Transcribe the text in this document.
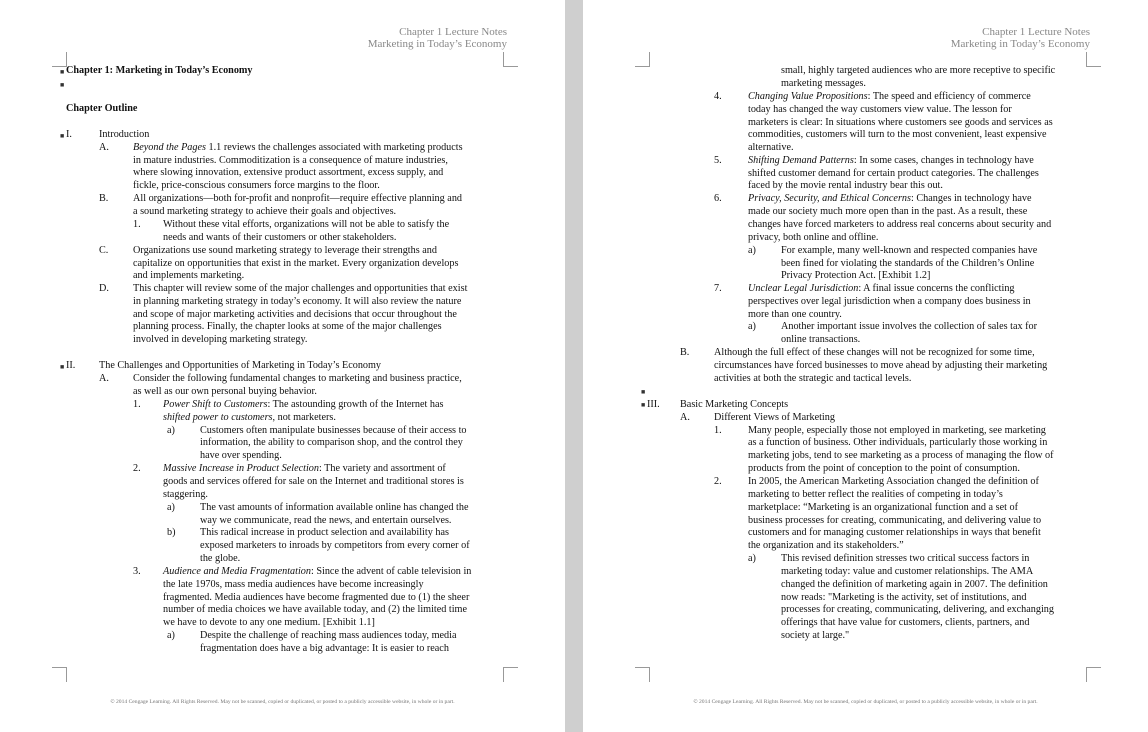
Chapter 1 Lecture Notes
Marketing in Today’s Economy
■ Chapter 1: Marketing in Today’s Economy
■
Chapter Outline
■ I.	Introduction
A. Beyond the Pages 1.1 reviews the challenges associated with marketing products
in mature industries. Commoditization is a consequence of mature industries,
where slowing innovation, extensive product assortment, excess supply, and
fickle, price-conscious consumers force margins to the floor.
B. All organizations—both for-profit and nonprofit—require effective planning and
a sound marketing strategy to achieve their goals and objectives.
1. Without these vital efforts, organizations will not be able to satisfy the
needs and wants of their customers or other stakeholders.
C. Organizations use sound marketing strategy to leverage their strengths and
capitalize on opportunities that exist in the market. Every organization develops
and implements marketing.
D. This chapter will review some of the major challenges and opportunities that exist
in planning marketing strategy in today’s economy. It will also review the nature
and scope of major marketing activities and decisions that occur throughout the
planning process. Finally, the chapter looks at some of the major challenges
involved in developing marketing strategy.
■ II. The Challenges and Opportunities of Marketing in Today’s Economy
A. Consider the following fundamental changes to marketing and business practice,
as well as our own personal buying behavior.
1. Power Shift to Customers: The astounding growth of the Internet has
shifted power to customers, not marketers.
a) Customers often manipulate businesses because of their access to
information, the ability to comparison shop, and the control they
have over spending.
2. Massive Increase in Product Selection: The variety and assortment of
goods and services offered for sale on the Internet and traditional stores is
staggering.
a) The vast amounts of information available online has changed the
way we communicate, read the news, and entertain ourselves.
b) This radical increase in product selection and availability has
exposed marketers to inroads by competitors from every corner of
the globe.
3. Audience and Media Fragmentation: Since the advent of cable television in
the late 1970s, mass media audiences have become increasingly
fragmented. Media audiences have become fragmented due to (1) the sheer
number of media choices we have available today, and (2) the limited time
we have to devote to any one medium. [Exhibit 1.1]
a) Despite the challenge of reaching mass audiences today, media
fragmentation does have a big advantage: It is easier to reach
© 2014 Cengage Learning. All Rights Reserved. May not be scanned, copied or duplicated, or posted to a publicly accessible website, in whole or in part.
Chapter 1 Lecture Notes
Marketing in Today’s Economy
small, highly targeted audiences who are more receptive to specific
marketing messages.
4.	Changing Value Propositions: The speed and efficiency of commerce
today has changed the way customers view value. The lesson for
marketers is clear: In situations where customers see goods and services as
commodities, customers will turn to the most convenient, least expensive
alternative.
5.	Shifting Demand Patterns: In some cases, changes in technology have
shifted customer demand for certain product categories. The challenges
faced by the movie rental industry bear this out.
6.	Privacy, Security, and Ethical Concerns: Changes in technology have
made our society much more open than in the past. As a result, these
changes have forced marketers to address real concerns about security and
privacy, both online and offline.
a) For example, many well-known and respected companies have
been fined for violating the standards of the Children’s Online
Privacy Protection Act. [Exhibit 1.2]
7.	Unclear Legal Jurisdiction: A final issue concerns the conflicting
perspectives over legal jurisdiction when a company does business in
more than one country.
a) Another important issue involves the collection of sales tax for
online transactions.
B. Although the full effect of these changes will not be recognized for some time,
circumstances have forced businesses to move ahead by adjusting their marketing
activities at both the strategic and tactical levels.
■
■ III. Basic Marketing Concepts
A. Different Views of Marketing
1.	Many people, especially those not employed in marketing, see marketing
as a function of business. Other individuals, particularly those working in
marketing jobs, tend to see marketing as a process of managing the flow of
products from the point of conception to the point of consumption.
2.	In 2005, the American Marketing Association changed the definition of
marketing to better reflect the realities of competing in today’s
marketplace: “Marketing is an organizational function and a set of
business processes for creating, communicating, and delivering value to
customers and for managing customer relationships in ways that benefit
the organization and its stakeholders.”
a) This revised definition stresses two critical success factors in
marketing today: value and customer relationships. The AMA
changed the definition of marketing again in 2007. The definition
now reads: "Marketing is the activity, set of institutions, and
processes for creating, communicating, delivering, and exchanging
offerings that have value for customers, clients, partners, and
society at large."
© 2014 Cengage Learning. All Rights Reserved. May not be scanned, copied or duplicated, or posted to a publicly accessible website, in whole or in part.
